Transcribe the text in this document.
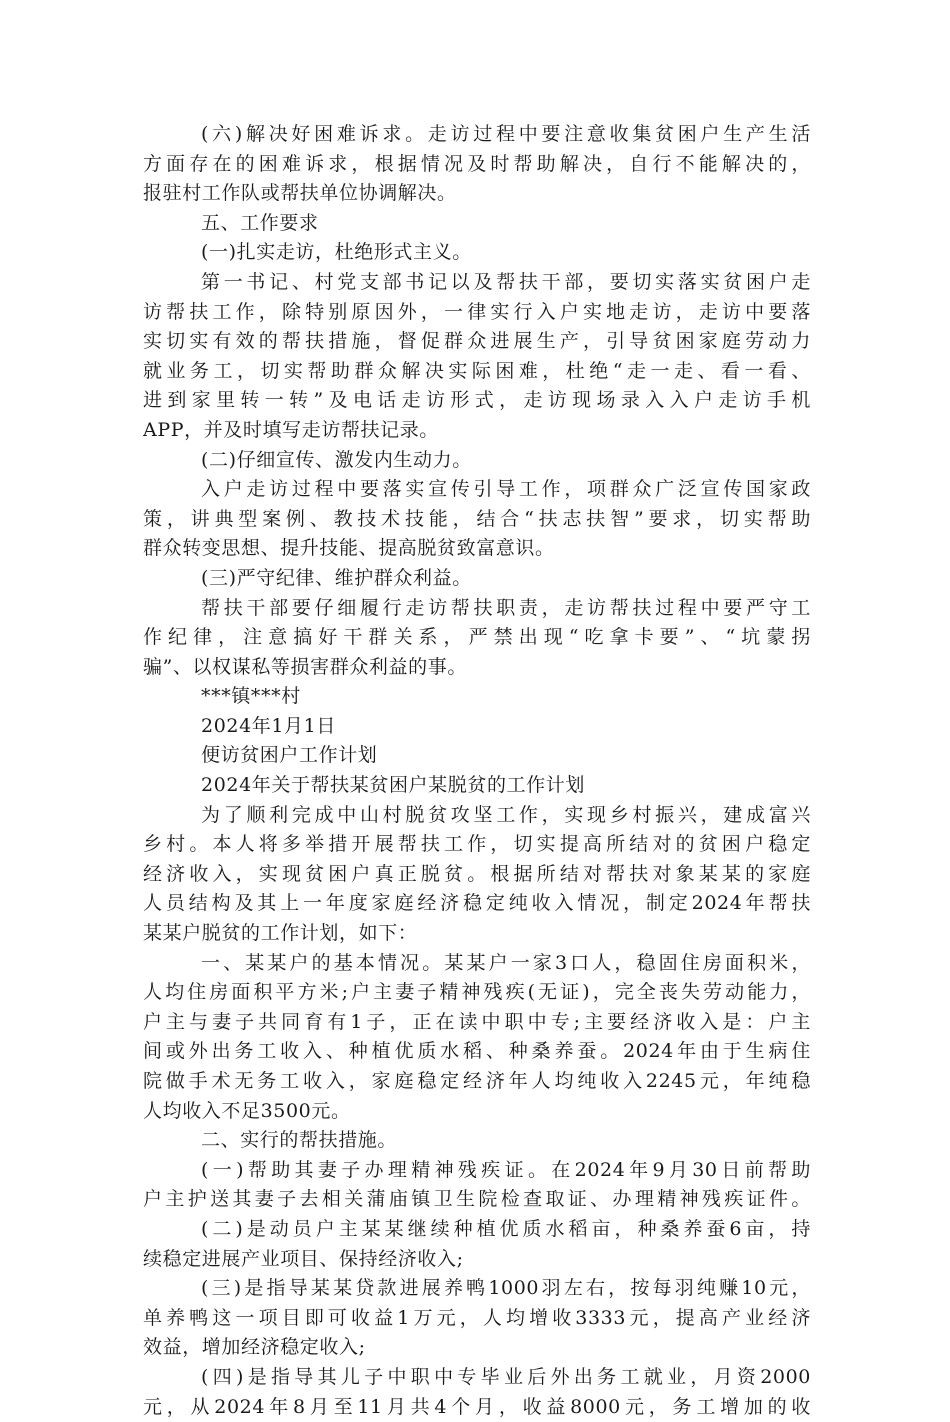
(六)解决好困难诉求。走访过程中要注意收集贫困户生产生活
方面存在的困难诉求，根据情况及时帮助解决，自行不能解决的，
报驻村工作队或帮扶单位协调解决。
五、工作要求
(一)扎实走访，杜绝形式主义。
第一书记、村党支部书记以及帮扶干部，要切实落实贫困户走
访帮扶工作，除特别原因外，一律实行入户实地走访，走访中要落
实切实有效的帮扶措施，督促群众进展生产，引导贫困家庭劳动力
就业务工，切实帮助群众解决实际困难，杜绝“走一走、看一看、
进到家里转一转”及电话走访形式，走访现场录入入户走访手机
APP，并及时填写走访帮扶记录。
(二)仔细宣传、激发内生动力。
入户走访过程中要落实宣传引导工作，项群众广泛宣传国家政
策，讲典型案例、教技术技能，结合“扶志扶智”要求，切实帮助
群众转变思想、提升技能、提高脱贫致富意识。
(三)严守纪律、维护群众利益。
帮扶干部要仔细履行走访帮扶职责，走访帮扶过程中要严守工
作纪律，注意搞好干群关系，严禁出现“吃拿卡要”、“坑蒙拐
骗”、以权谋私等损害群众利益的事。
***镇***村
2024年1月1日
便访贫困户工作计划
2024年关于帮扶某贫困户某脱贫的工作计划
为了顺利完成中山村脱贫攻坚工作，实现乡村振兴，建成富兴
乡村。本人将多举措开展帮扶工作，切实提高所结对的贫困户稳定
经济收入，实现贫困户真正脱贫。根据所结对帮扶对象某某的家庭
人员结构及其上一年度家庭经济稳定纯收入情况，制定2024年帮扶
某某户脱贫的工作计划，如下：
一、某某户的基本情况。某某户一家3口人，稳固住房面积米，
人均住房面积平方米;户主妻子精神残疾(无证)，完全丧失劳动能力，
户主与妻子共同育有1子，正在读中职中专;主要经济收入是：户主
间或外出务工收入、种植优质水稻、种桑养蚕。2024年由于生病住
院做手术无务工收入，家庭稳定经济年人均纯收入2245元，年纯稳
人均收入不足3500元。
二、实行的帮扶措施。
(一)帮助其妻子办理精神残疾证。在2024年9月30日前帮助
户主护送其妻子去相关蒲庙镇卫生院检查取证、办理精神残疾证件。
(二)是动员户主某某继续种植优质水稻亩，种桑养蚕6亩，持
续稳定进展产业项目、保持经济收入;
(三)是指导某某贷款进展养鸭1000羽左右，按每羽纯赚10元，
单养鸭这一项目即可收益1万元，人均增收3333元，提高产业经济
效益，增加经济稳定收入;
(四)是指导其儿子中职中专毕业后外出务工就业，月资2000
元，从2024年8月至11月共4个月，收益8000元，务工增加的收
